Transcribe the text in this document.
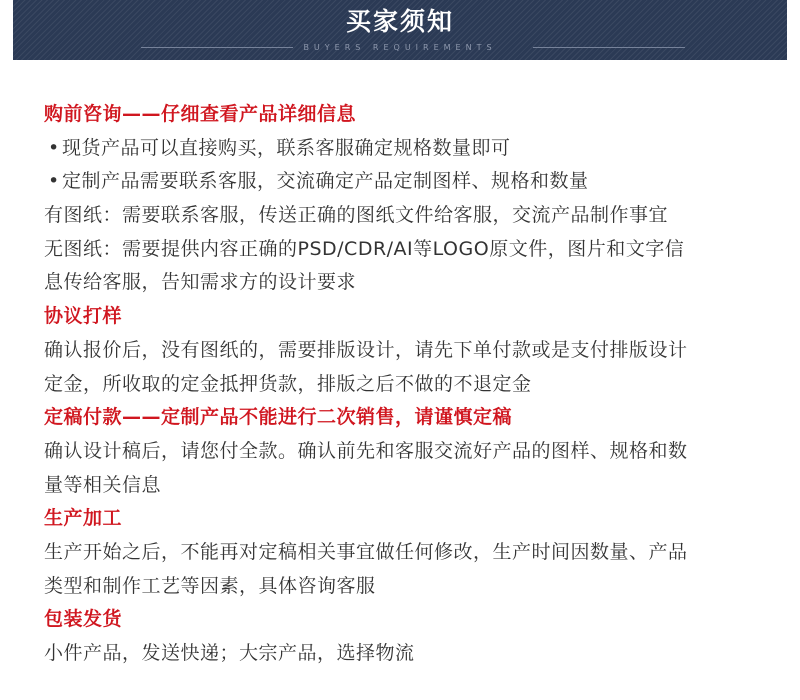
买家须知
BUYERS REQUIREMENTS
购前咨询——仔细查看产品详细信息
• 现货产品可以直接购买，联系客服确定规格数量即可
• 定制产品需要联系客服，交流确定产品定制图样、规格和数量
有图纸：需要联系客服，传送正确的图纸文件给客服，交流产品制作事宜
无图纸：需要提供内容正确的PSD/CDR/AI等LOGO原文件，图片和文字信
息传给客服，告知需求方的设计要求
协议打样
确认报价后，没有图纸的，需要排版设计，请先下单付款或是支付排版设计
定金，所收取的定金抵押货款，排版之后不做的不退定金
定稿付款——定制产品不能进行二次销售，请谨慎定稿
确认设计稿后，请您付全款。确认前先和客服交流好产品的图样、规格和数
量等相关信息
生产加工
生产开始之后，不能再对定稿相关事宜做任何修改，生产时间因数量、产品
类型和制作工艺等因素，具体咨询客服
包装发货
小件产品，发送快递；大宗产品，选择物流
